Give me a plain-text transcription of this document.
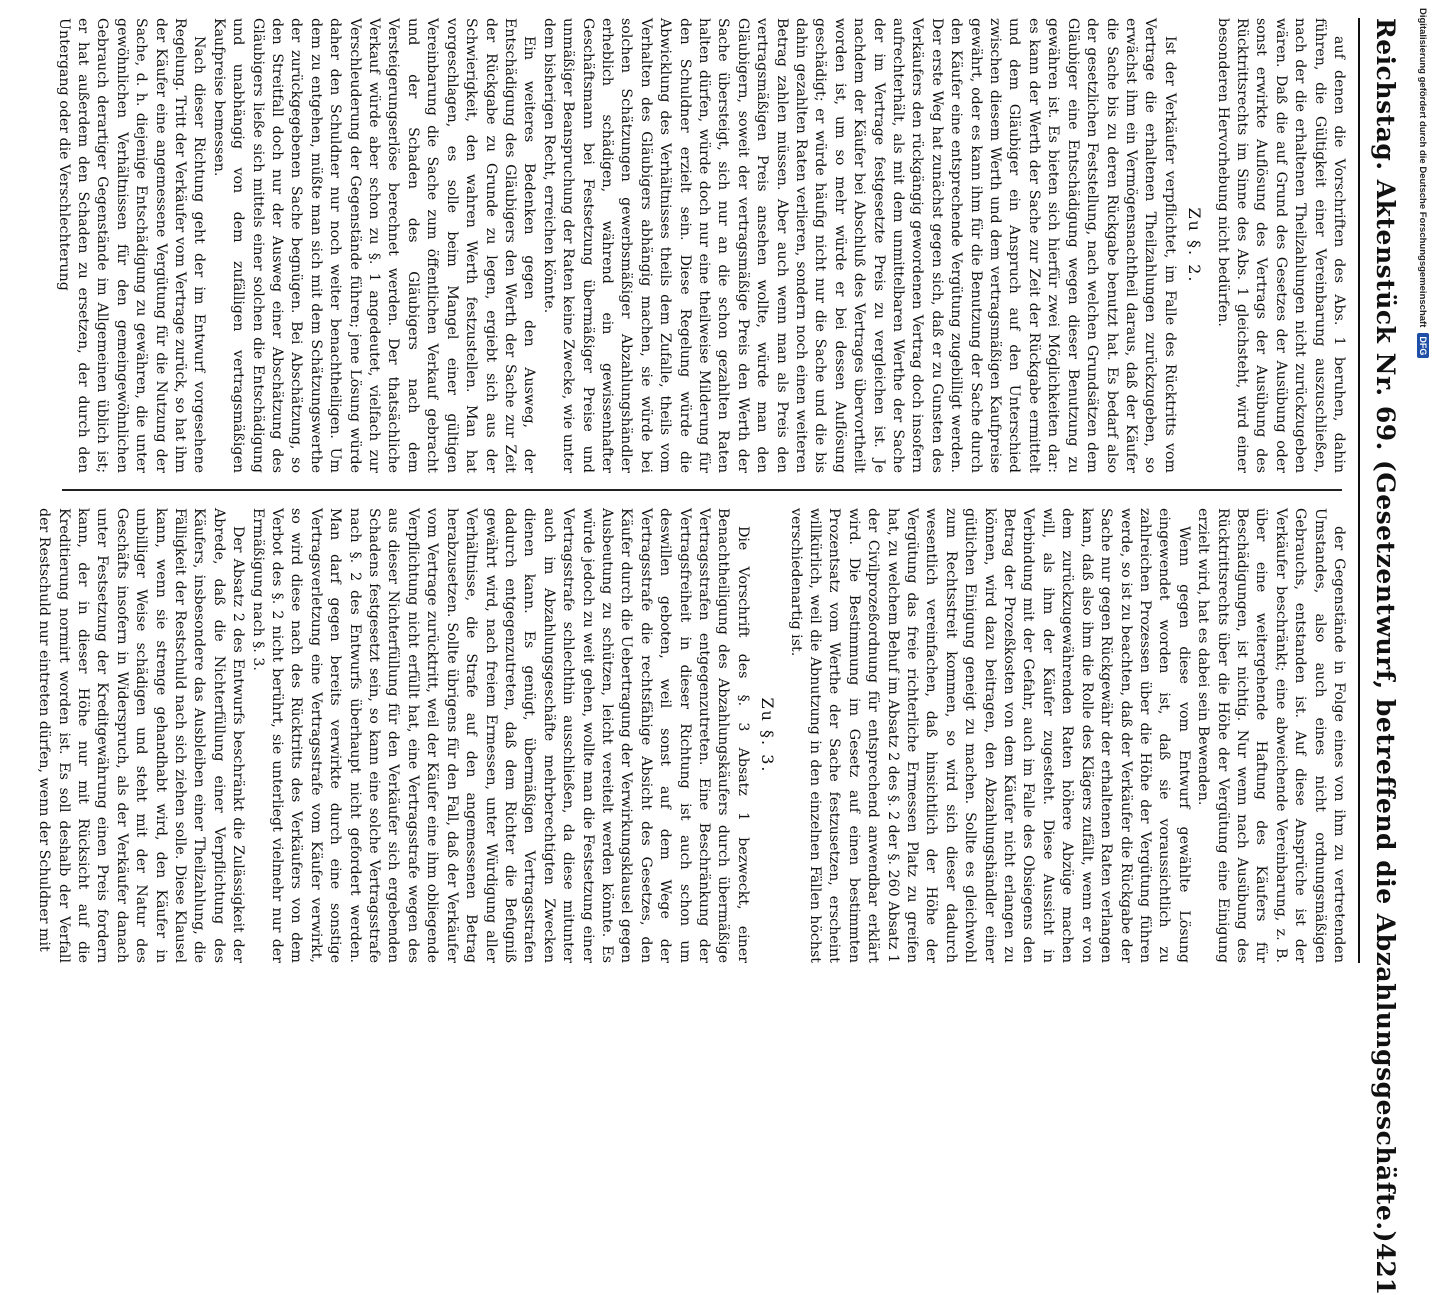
Reichstag. Aktenstück Nr. 69. (Gesetzentwurf, betreffend die Abzahlungsgeschäfte.)
421

auf denen die Vorschriften des Abs. 1 beruhen, dahin führen, die Gültigkeit einer Vereinbarung auszuschließen, nach der die erhaltenen Theilzahlungen nicht zurückzugeben wären. Daß die auf Grund des Gesetzes der Ausübung oder sonst erwirkte Auflösung des Vertrags der Ausübung des Rücktrittsrechts im Sinne des Abs. 1 gleichsteht, wird einer besonderen Hervorhebung nicht bedürfen.

Zu §. 2.

Ist der Verkäufer verpflichtet, im Falle des Rücktritts vom Vertrage die erhaltenen Theilzahlungen zurückzugeben, so erwächst ihm ein Vermögensnachtheil daraus, daß der Käufer die Sache bis zu deren Rückgabe benutzt hat. Es bedarf also der gesetzlichen Feststellung, nach welchen Grundsätzen dem Gläubiger eine Entschädigung wegen dieser Benutzung zu gewähren ist. Es bieten sich hierfür zwei Möglichkeiten dar: es kann der Werth der Sache zur Zeit der Rückgabe ermittelt und dem Gläubiger ein Anspruch auf den Unterschied zwischen diesem Werth und dem vertragsmäßigen Kaufpreise gewährt, oder es kann ihm für die Benutzung der Sache durch den Käufer eine entsprechende Vergütung zugebilligt werden. Der erste Weg hat zunächst gegen sich, daß er zu Gunsten des Verkäufers den rückgängig gewordenen Vertrag doch insofern aufrechterhält, als mit dem unmittelbaren Werthe der Sache der im Vertrage festgesetzte Preis zu vergleichen ist. Je nachdem der Käufer bei Abschluß des Vertrages übervortheilt worden ist, um so mehr würde er bei dessen Auflösung geschädigt; er würde häufig nicht nur die Sache und die bis dahin gezahlten Raten verlieren, sondern noch einen weiteren Betrag zahlen müssen. Aber auch wenn man als Preis den vertragsmäßigen Preis ansehen wollte, würde man den Gläubigern, soweit der vertragsmäßige Preis den Werth der Sache übersteigt, sich nur an die schon gezahlten Raten halten dürfen, würde doch nur eine theilweise Milderung für den Schuldner erzielt sein. Diese Regelung würde die Abwicklung des Verhältnisses theils dem Zufalle, theils vom Verhalten des Gläubigers abhängig machen, sie würde bei solchen Schätzungen gewerbsmäßiger Abzahlungshändler erheblich schädigen, während ein gewissenhafter Geschäftsmann bei Festsetzung übermäßiger Preise und unmäßiger Beanspruchung der Raten keine Zwecke, wie unter dem bisherigen Recht, erreichen könnte.

Ein weiteres Bedenken gegen den Ausweg, der Entschädigung des Gläubigers den Werth der Sache zur Zeit der Rückgabe zu Grunde zu legen, ergiebt sich aus der Schwierigkeit, den wahren Werth festzustellen. Man hat vorgeschlagen, es solle beim Mangel einer gültigen Vereinbarung die Sache zum öffentlichen Verkauf gebracht und der Schaden des Gläubigers nach dem Versteigerungserlöse berechnet werden. Der thatsächliche Verkauf würde aber schon zu §. 1 angedeutet, vielfach zur Verschleuderung der Gegenstände führen; jene Lösung würde daher den Schuldner nur noch weiter benachtheiligen. Um dem zu entgehen, müßte man sich mit dem Schätzungswerthe der zurückgegebenen Sache begnügen. Bei Abschätzung, so den Streitfall doch nur der Ausweg einer Abschätzung des Gläubigers ließe sich mittels einer solchen die Entschädigung und unabhängig von dem zufälligen vertragsmäßigen Kaufpreise bemessen.

Nach dieser Richtung geht der im Entwurf vorgesehene Regelung. Tritt der Verkäufer vom Vertrage zurück, so hat ihm der Käufer eine angemessene Vergütung für die Nutzung der Sache, d. h. diejenige Entschädigung zu gewähren, die unter gewöhnlichen Verhältnissen für den gemeingewöhnlichen Gebrauch derartiger Gegenstände im Allgemeinen üblich ist; er hat außerdem den Schaden zu ersetzen, der durch den Untergang oder die Verschlechterung

der Gegenstände in Folge eines von ihm zu vertretenden Umstandes, also auch eines nicht ordnungsmäßigen Gebrauchs, entstanden ist. Auf diese Ansprüche ist der Verkäufer beschränkt; eine abweichende Vereinbarung, z. B. über eine weitergehende Haftung des Käufers für Beschädigungen, ist nichtig. Nur wenn nach Ausübung des Rücktrittsrechts über die Höhe der Vergütung eine Einigung erzielt wird, hat es dabei sein Bewenden.

Wenn gegen diese vom Entwurf gewählte Lösung eingewendet worden ist, daß sie voraussichtlich zu zahlreichen Prozessen über die Höhe der Vergütung führen werde, so ist zu beachten, daß der Verkäufer die Rückgabe der Sache nur gegen Rückgewähr der erhaltenen Raten verlangen kann, daß also ihm die Rolle des Klägers zufällt, wenn er von dem zurückzugewährenden Raten höhere Abzüge machen will, als ihm der Käufer zugesteht. Diese Aussicht in Verbindung mit der Gefahr, auch im Falle des Obsiegens den Betrag der Prozeßkosten von dem Käufer nicht erlangen zu können, wird dazu beitragen, den Abzahlungshändler einer gütlichen Einigung geneigt zu machen. Sollte es gleichwohl zum Rechtsstreit kommen, so wird sich dieser dadurch wesentlich vereinfachen, daß hinsichtlich der Höhe der Vergütung das freie richterliche Ermessen Platz zu greifen hat, zu welchem Behuf im Absatz 2 des §. 2 der §. 260 Absatz 1 der Civilprozeßordnung für entsprechend anwendbar erklärt wird. Die Bestimmung im Gesetz auf einen bestimmten Prozentsatz vom Werthe der Sache festzusetzen, erscheint willkürlich, weil die Abnutzung in den einzelnen Fällen höchst verschiedenartig ist.

Zu §. 3.

Die Vorschrift des §. 3 Absatz 1 bezweckt, einer Benachtheiligung des Abzahlungskäufers durch übermäßige Vertragsstrafen entgegenzutreten. Eine Beschränkung der Vertragsfreiheit in dieser Richtung ist auch schon um deswillen geboten, weil sonst auf dem Wege der Vertragsstrafe die rechtsfähige Absicht des Gesetzes, den Käufer durch die Uebertragung der Verwirkungsklausel gegen Ausbeutung zu schützen, leicht vereitelt werden könnte. Es würde jedoch zu weit gehen, wollte man die Festsetzung einer Vertragsstrafe schlechthin ausschließen, da diese mitunter auch im Abzahlungsgeschäfte mehrberechtigten Zwecken dienen kann. Es genügt, übermäßigen Vertragsstrafen dadurch entgegenzutreten, daß dem Richter die Befugniß gewährt wird, nach freiem Ermessen, unter Würdigung aller Verhältnisse, die Strafe auf den angemessenen Betrag herabzusetzen. Sollte übrigens für den Fall, daß der Verkäufer vom Vertrage zurücktritt, weil der Käufer eine ihm obliegende Verpflichtung nicht erfüllt hat, eine Vertragsstrafe wegen des aus dieser Nichterfüllung für den Verkäufer sich ergebenden Schadens festgesetzt sein, so kann eine solche Vertragsstrafe nach §. 2 des Entwurfs überhaupt nicht gefordert werden. Man darf gegen bereits verwirkte durch eine sonstige Vertragsverletzung eine Vertragsstrafe vom Käufer verwirkt, so wird diese nach des Rücktritts des Verkäufers von dem Verbot des §. 2 nicht berührt, sie unterliegt vielmehr nur der Ermäßigung nach §. 3.

Der Absatz 2 des Entwurfs beschränkt die Zulässigkeit der Abrede, daß die Nichterfüllung einer Verpflichtung des Käufers, insbesondere das Ausbleiben einer Theilzahlung, die Fälligkeit der Restschuld nach sich ziehen solle. Diese Klausel kann, wenn sie strenge gehandhabt wird, den Käufer in unbilliger Weise schädigen und steht mit der Natur des Geschäfts insofern in Widerspruch, als der Verkäufer danach unter Festsetzung der Kreditgewährung einen Preis fordern kann, der in dieser Höhe nur mit Rücksicht auf die Kreditierung normirt worden ist. Es soll deshalb der Verfall der Restschuld nur eintreten dürfen, wenn der Schuldner mit

Digitalisierung gefördert durch die Deutsche Forschungsgemeinschaft
DFG
